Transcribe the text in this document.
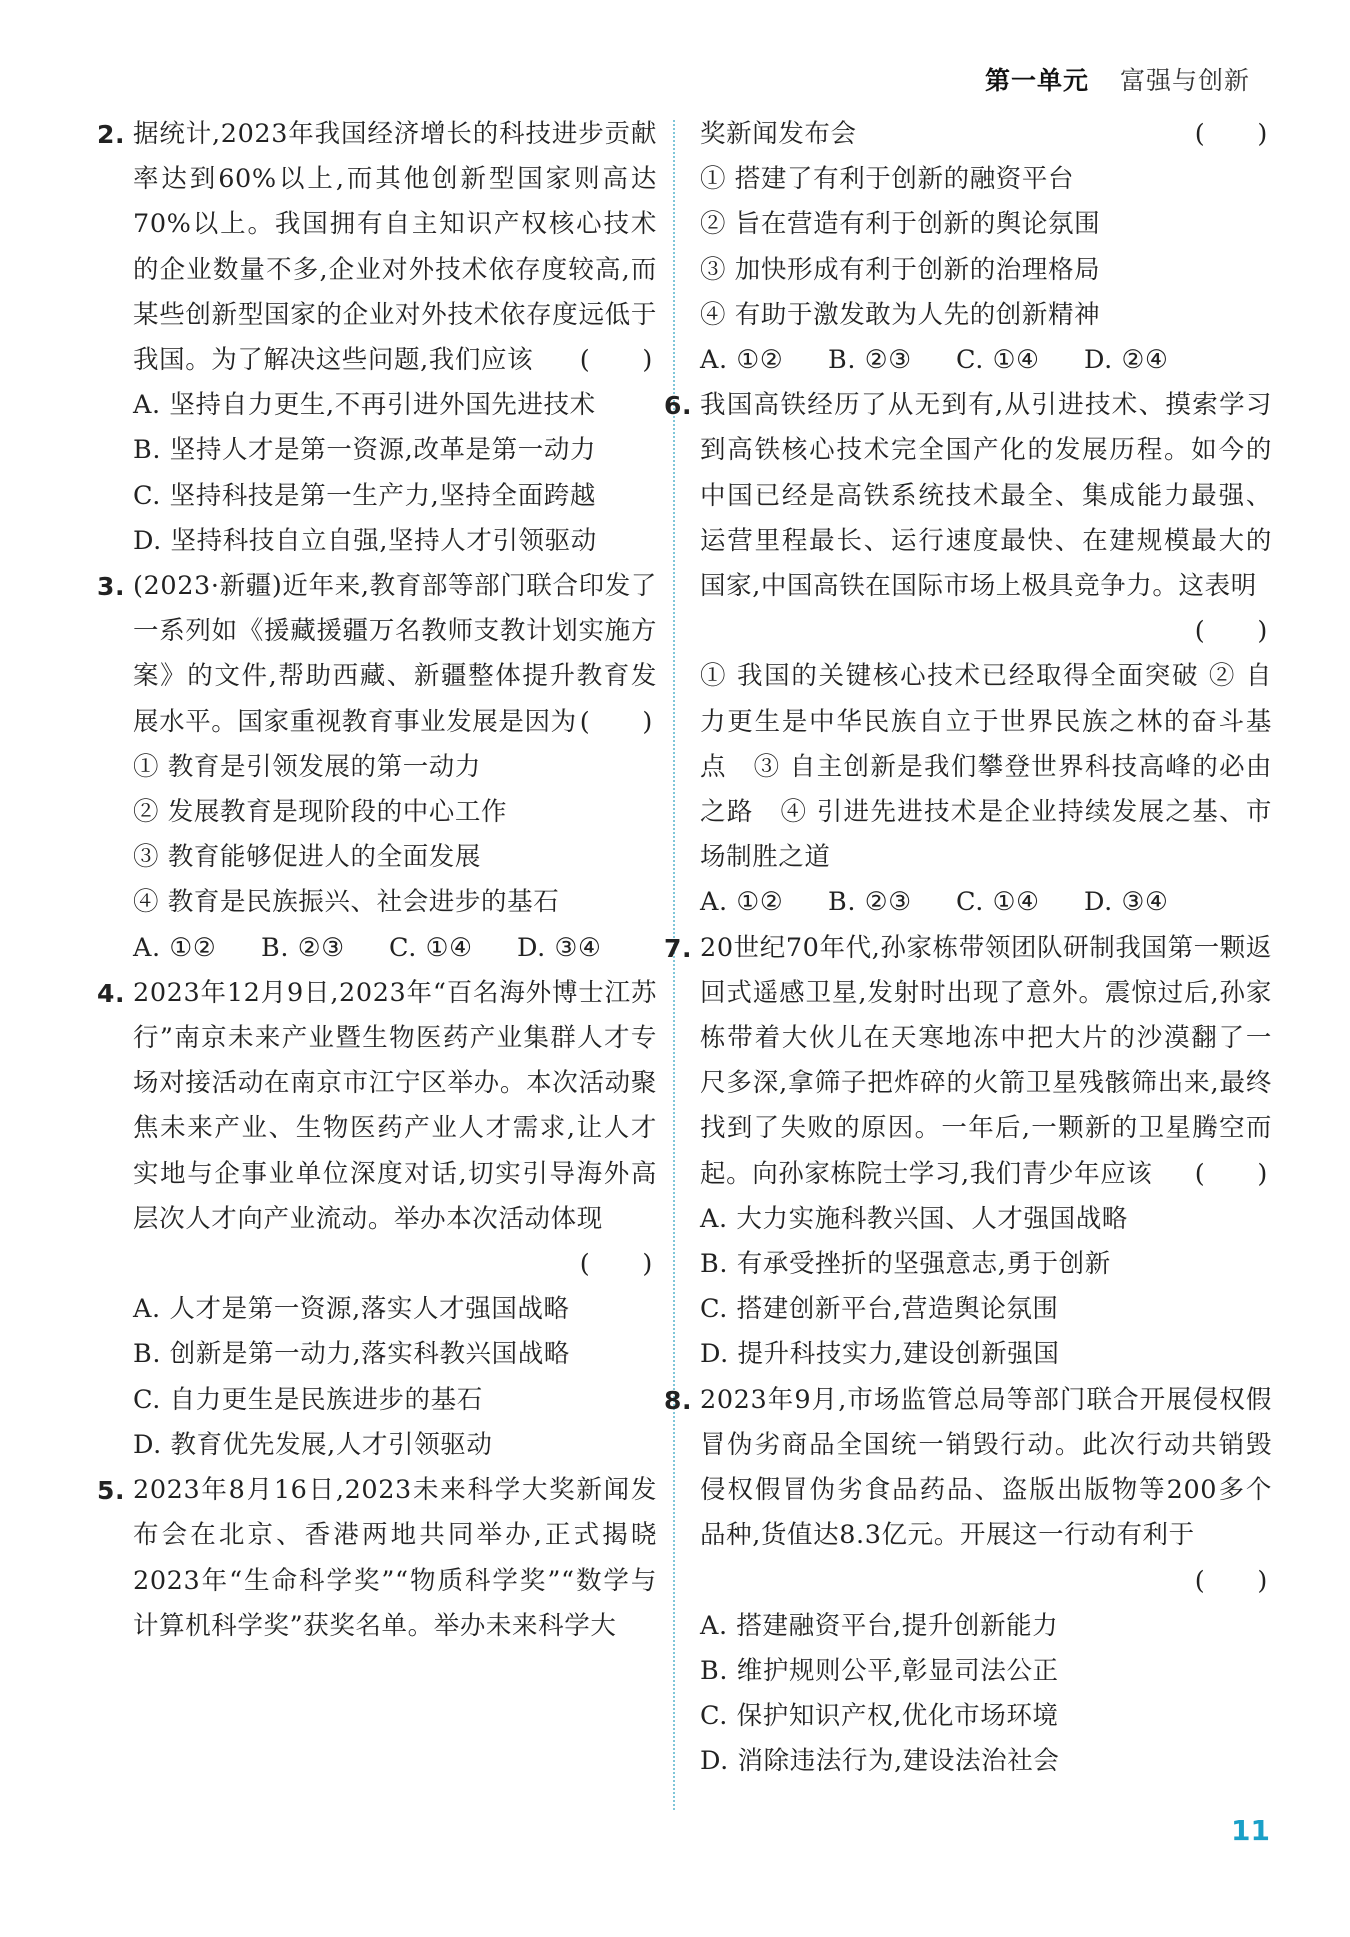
第一单元 富强与创新
2. 据统计,2023年我国经济增长的科技进步贡献率达到60%以上,而其他创新型国家则高达70%以上。我国拥有自主知识产权核心技术的企业数量不多,企业对外技术依存度较高,而某些创新型国家的企业对外技术依存度远低于我国。为了解决这些问题,我们应该 (　　)
A. 坚持自力更生,不再引进外国先进技术
B. 坚持人才是第一资源,改革是第一动力
C. 坚持科技是第一生产力,坚持全面跨越
D. 坚持科技自立自强,坚持人才引领驱动
3. (2023·新疆)近年来,教育部等部门联合印发了一系列如《援藏援疆万名教师支教计划实施方案》的文件,帮助西藏、新疆整体提升教育发展水平。国家重视教育事业发展是因为 (　　)
① 教育是引领发展的第一动力
② 发展教育是现阶段的中心工作
③ 教育能够促进人的全面发展
④ 教育是民族振兴、社会进步的基石
A. ①②	B. ②③	C. ①④	D. ③④
4. 2023年12月9日,2023年“百名海外博士江苏行”南京未来产业暨生物医药产业集群人才专场对接活动在南京市江宁区举办。本次活动聚焦未来产业、生物医药产业人才需求,让人才实地与企事业单位深度对话,切实引导海外高层次人才向产业流动。举办本次活动体现
(　　)
A. 人才是第一资源,落实人才强国战略
B. 创新是第一动力,落实科教兴国战略
C. 自力更生是民族进步的基石
D. 教育优先发展,人才引领驱动
5. 2023年8月16日,2023未来科学大奖新闻发布会在北京、香港两地共同举办,正式揭晓2023年“生命科学奖”“物质科学奖”“数学与计算机科学奖”获奖名单。举办未来科学大
奖新闻发布会	(　　)
① 搭建了有利于创新的融资平台
② 旨在营造有利于创新的舆论氛围
③ 加快形成有利于创新的治理格局
④ 有助于激发敢为人先的创新精神
A. ①②	B. ②③	C. ①④	D. ②④
6. 我国高铁经历了从无到有,从引进技术、摸索学习到高铁核心技术完全国产化的发展历程。如今的中国已经是高铁系统技术最全、集成能力最强、运营里程最长、运行速度最快、在建规模最大的国家,中国高铁在国际市场上极具竞争力。这表明
(　　)
① 我国的关键核心技术已经取得全面突破 ② 自力更生是中华民族自立于世界民族之林的奋斗基点　③ 自主创新是我们攀登世界科技高峰的必由之路　④ 引进先进技术是企业持续发展之基、市场制胜之道
A. ①②	B. ②③	C. ①④	D. ③④
7. 20世纪70年代,孙家栋带领团队研制我国第一颗返回式遥感卫星,发射时出现了意外。震惊过后,孙家栋带着大伙儿在天寒地冻中把大片的沙漠翻了一尺多深,拿筛子把炸碎的火箭卫星残骸筛出来,最终找到了失败的原因。一年后,一颗新的卫星腾空而起。向孙家栋院士学习,我们青少年应该 (　　)
A. 大力实施科教兴国、人才强国战略
B. 有承受挫折的坚强意志,勇于创新
C. 搭建创新平台,营造舆论氛围
D. 提升科技实力,建设创新强国
8. 2023年9月,市场监管总局等部门联合开展侵权假冒伪劣商品全国统一销毁行动。此次行动共销毁侵权假冒伪劣食品药品、盗版出版物等200多个品种,货值达8.3亿元。开展这一行动有利于
(　　)
A. 搭建融资平台,提升创新能力
B. 维护规则公平,彰显司法公正
C. 保护知识产权,优化市场环境
D. 消除违法行为,建设法治社会
11
